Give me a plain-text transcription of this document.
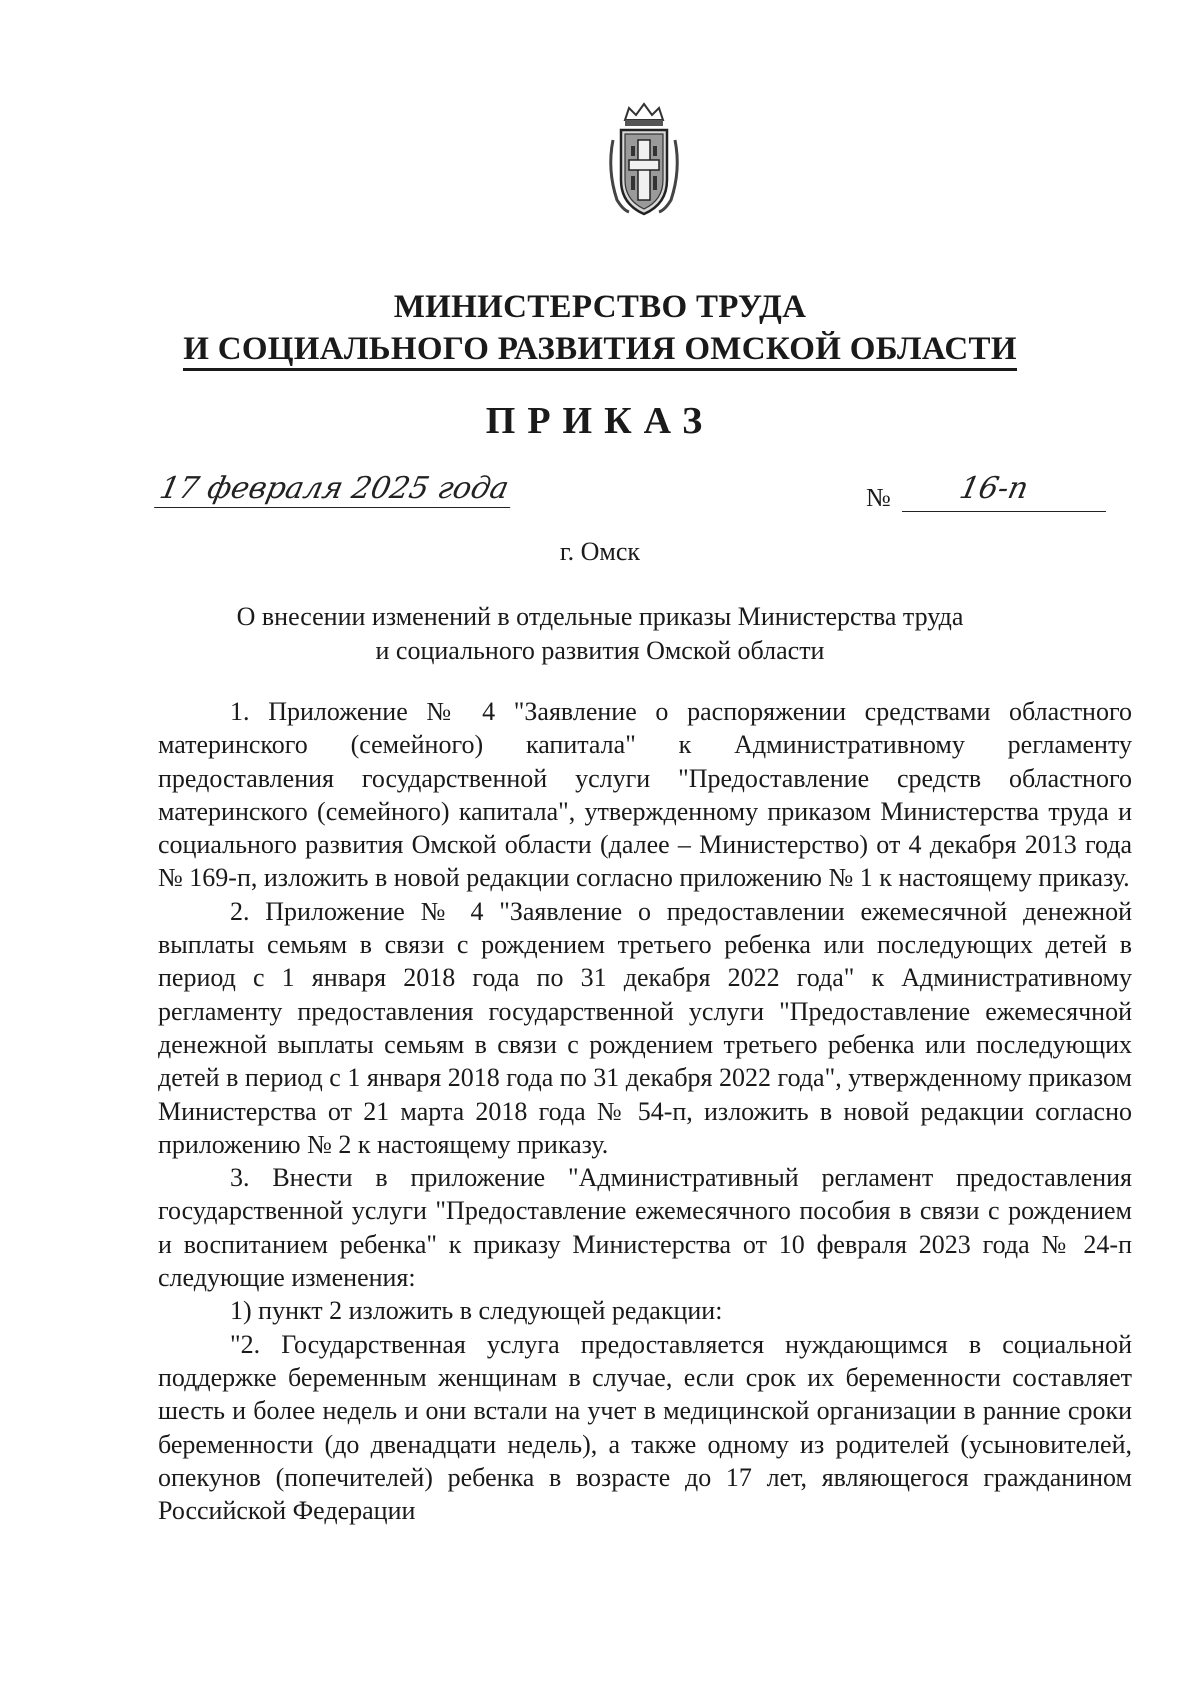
МИНИСТЕРСТВО ТРУДА
И СОЦИАЛЬНОГО РАЗВИТИЯ ОМСКОЙ ОБЛАСТИ
ПРИКАЗ
17 февраля 2025 года	№ 16-п
г. Омск
О внесении изменений в отдельные приказы Министерства труда
и социального развития Омской области

1. Приложение № 4 "Заявление о распоряжении средствами областного материнского (семейного) капитала" к Административному регламенту предоставления государственной услуги "Предоставление средств областного материнского (семейного) капитала", утвержденному приказом Министерства труда и социального развития Омской области (далее – Министерство) от 4 декабря 2013 года № 169-п, изложить в новой редакции согласно приложению № 1 к настоящему приказу.

2. Приложение № 4 "Заявление о предоставлении ежемесячной денежной выплаты семьям в связи с рождением третьего ребенка или последующих детей в период с 1 января 2018 года по 31 декабря 2022 года" к Административному регламенту предоставления государственной услуги "Предоставление ежемесячной денежной выплаты семьям в связи с рождением третьего ребенка или последующих детей в период с 1 января 2018 года по 31 декабря 2022 года", утвержденному приказом Министерства от 21 марта 2018 года № 54-п, изложить в новой редакции согласно приложению № 2 к настоящему приказу.

3. Внести в приложение "Административный регламент предоставления государственной услуги "Предоставление ежемесячного пособия в связи с рождением и воспитанием ребенка" к приказу Министерства от 10 февраля 2023 года № 24-п следующие изменения:

1) пункт 2 изложить в следующей редакции:

"2. Государственная услуга предоставляется нуждающимся в социальной поддержке беременным женщинам в случае, если срок их беременности составляет шесть и более недель и они встали на учет в медицинской организации в ранние сроки беременности (до двенадцати недель), а также одному из родителей (усыновителей, опекунов (попечителей) ребенка в возрасте до 17 лет, являющегося гражданином Российской Федерации
